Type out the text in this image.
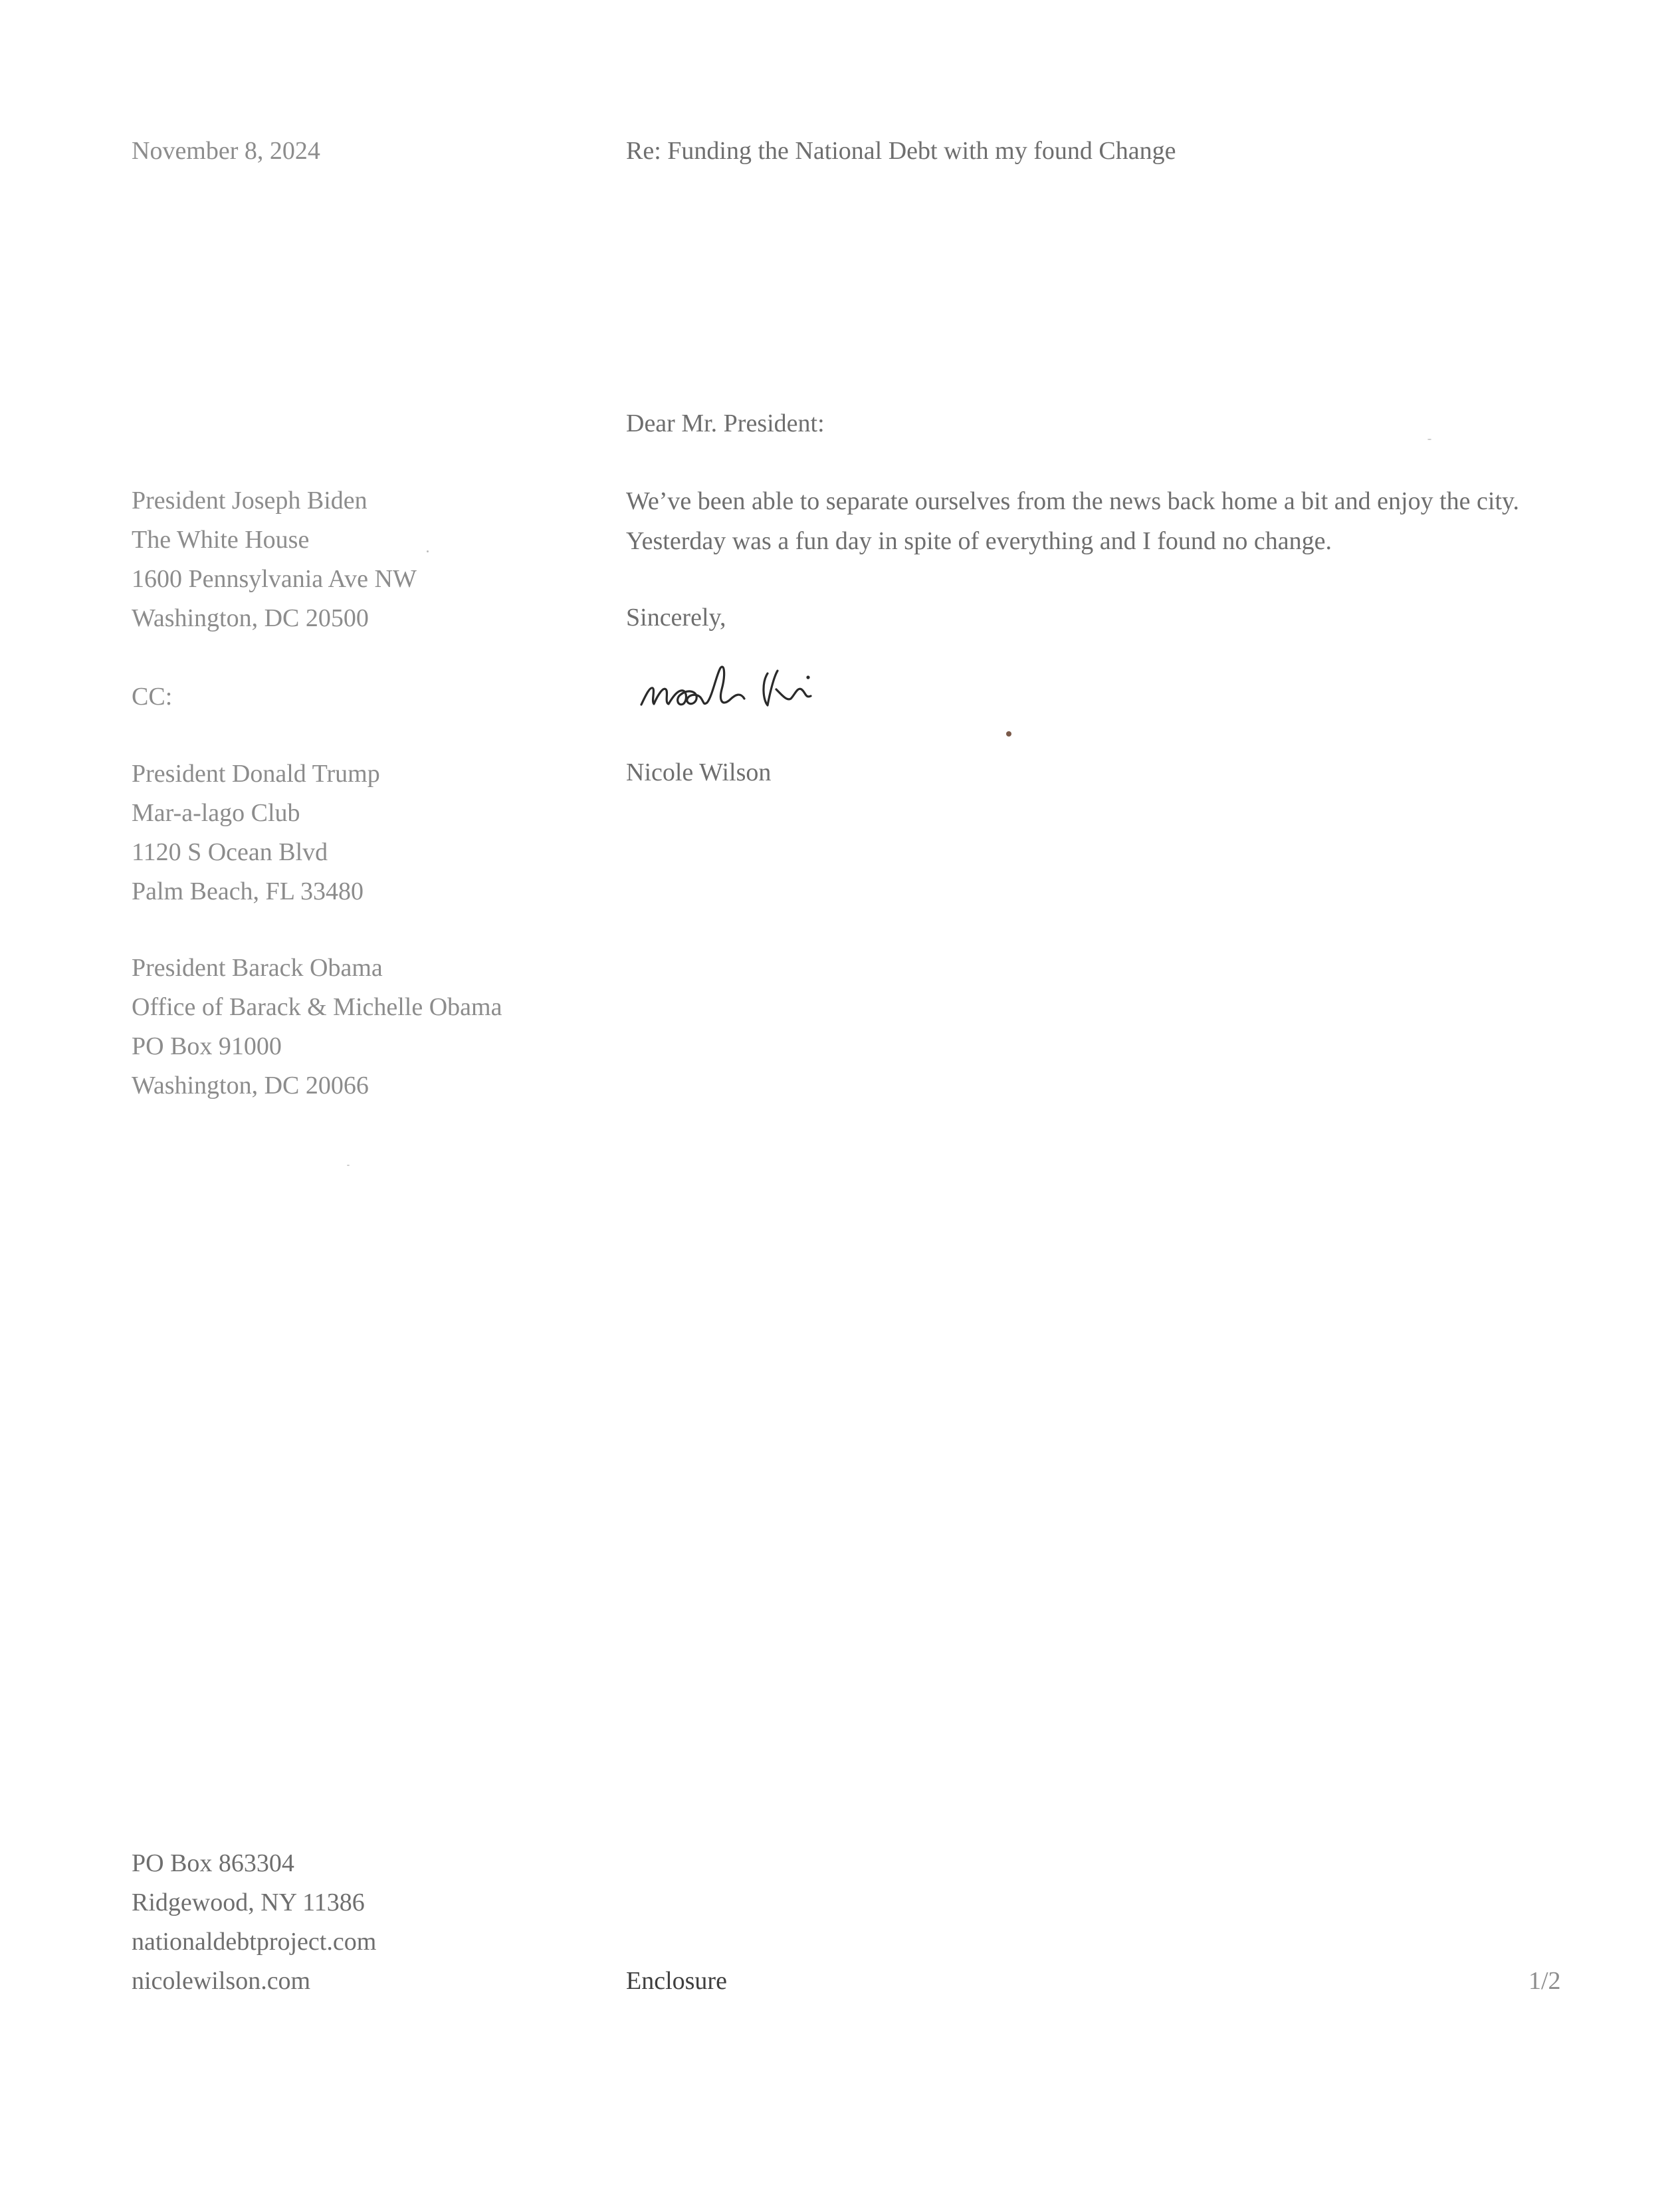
November 8, 2024	Re: Funding the National Debt with my found Change

President Joseph Biden
The White House
1600 Pennsylvania Ave NW
Washington, DC 20500

CC:

President Donald Trump
Mar-a-lago Club
1120 S Ocean Blvd
Palm Beach, FL 33480
President Barack Obama
Office of Barack & Michelle Obama
PO Box 91000
Washington, DC 20066

Dear Mr. President:

We’ve been able to separate ourselves from the news back home a bit and enjoy the city. Yesterday was a fun day in spite of everything and I found no change.

Sincerely,

Nicole Wilson

PO Box 863304
Ridgewood, NY 11386
nationaldebtproject.com
nicolewilson.com	Enclosure	1/2
